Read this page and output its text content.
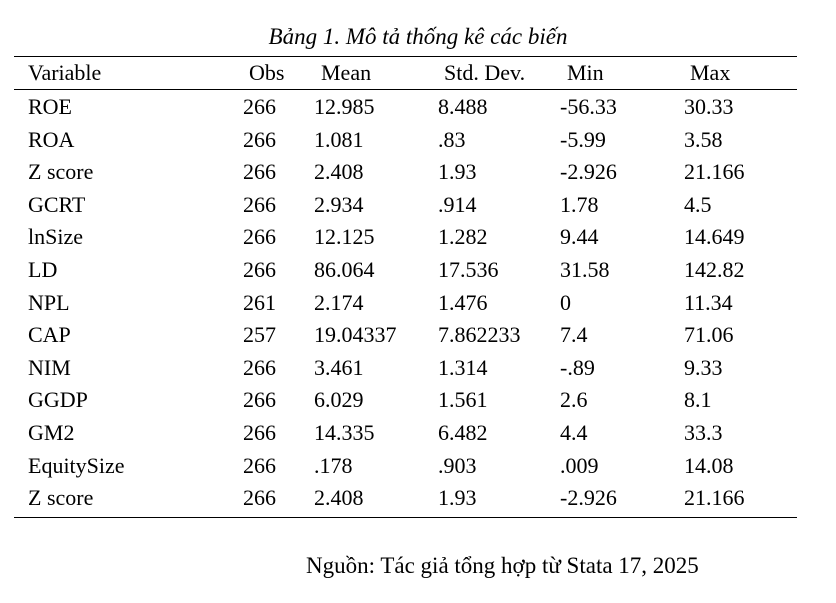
Bảng 1. Mô tả thống kê các biến
Variable	Obs Mean	Std. Dev. Min	Max
ROE	266 12.985	8.488	-56.33	30.33
ROA	266 1.081	.83	-5.99	3.58
Z score	266 2.408	1.93	-2.926	21.166
GCRT	266 2.934	.914	1.78	4.5
lnSize	266 12.125	1.282	9.44	14.649
LD	266 86.064	17.536	31.58	142.82
NPL	261 2.174	1.476	0	11.34
CAP	257 19.04337 7.862233 7.4	71.06
NIM	266 3.461	1.314	-.89	9.33
GGDP	266 6.029	1.561	2.6	8.1
GM2	266 14.335	6.482	4.4	33.3
EquitySize	266 .178	.903	.009	14.08
Z score	266 2.408	1.93	-2.926	21.166
Nguồn: Tác giả tổng hợp từ Stata 17, 2025
